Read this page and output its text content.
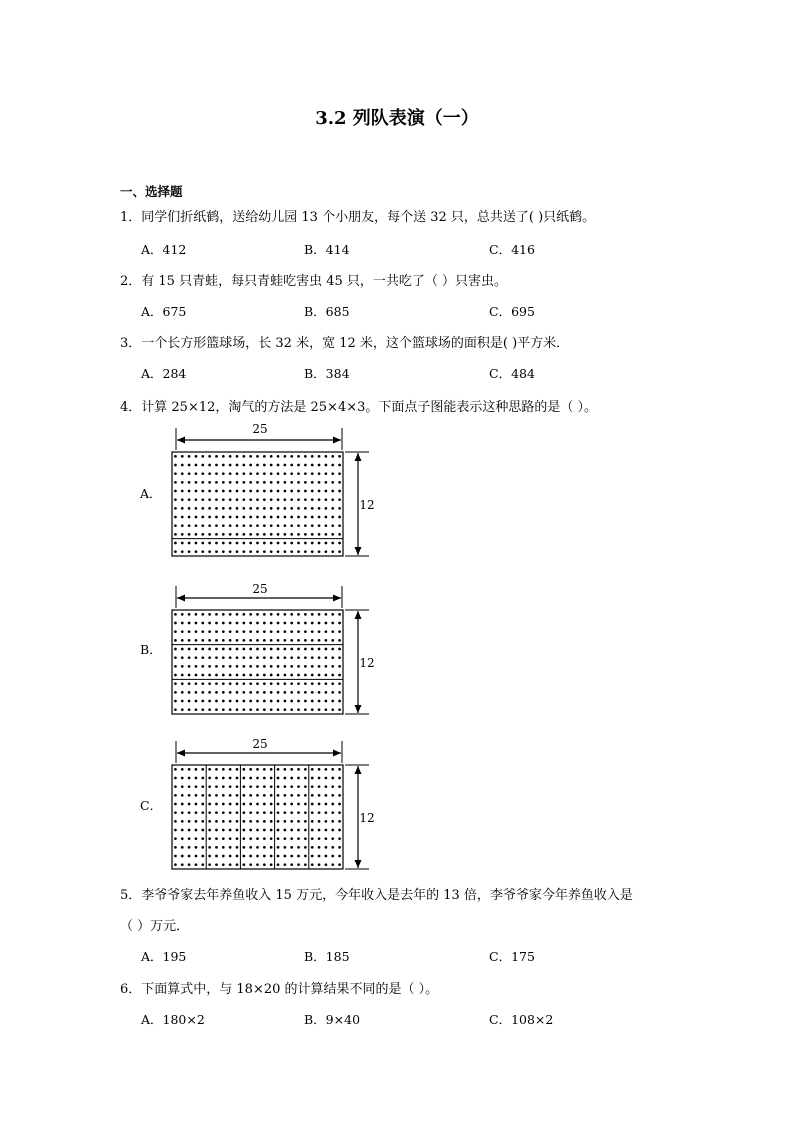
3.2 列队表演（一）
一、选择题
1．同学们折纸鹤，送给幼儿园 13 个小朋友，每个送 32 只，总共送了( )只纸鹤。
A．412	B．414	C．416
2．有 15 只青蛙，每只青蛙吃害虫 45 只，一共吃了（ ）只害虫。
A．675	B．685	C．695
3．一个长方形篮球场，长 32 米，宽 12 米，这个篮球场的面积是( )平方米．
A．284	B．384	C．484
4．计算 25×12，淘气的方法是 25×4×3。下面点子图能表示这种思路的是（ ）。
A．
25
12
B．
25
12
C．
25
12
5．李爷爷家去年养鱼收入 15 万元，今年收入是去年的 13 倍，李爷爷家今年养鱼收入是
（ ）万元．
A．195	B．185	C．175
6．下面算式中，与 18×20 的计算结果不同的是（ ）。
A．180×2	B．9×40	C．108×2
